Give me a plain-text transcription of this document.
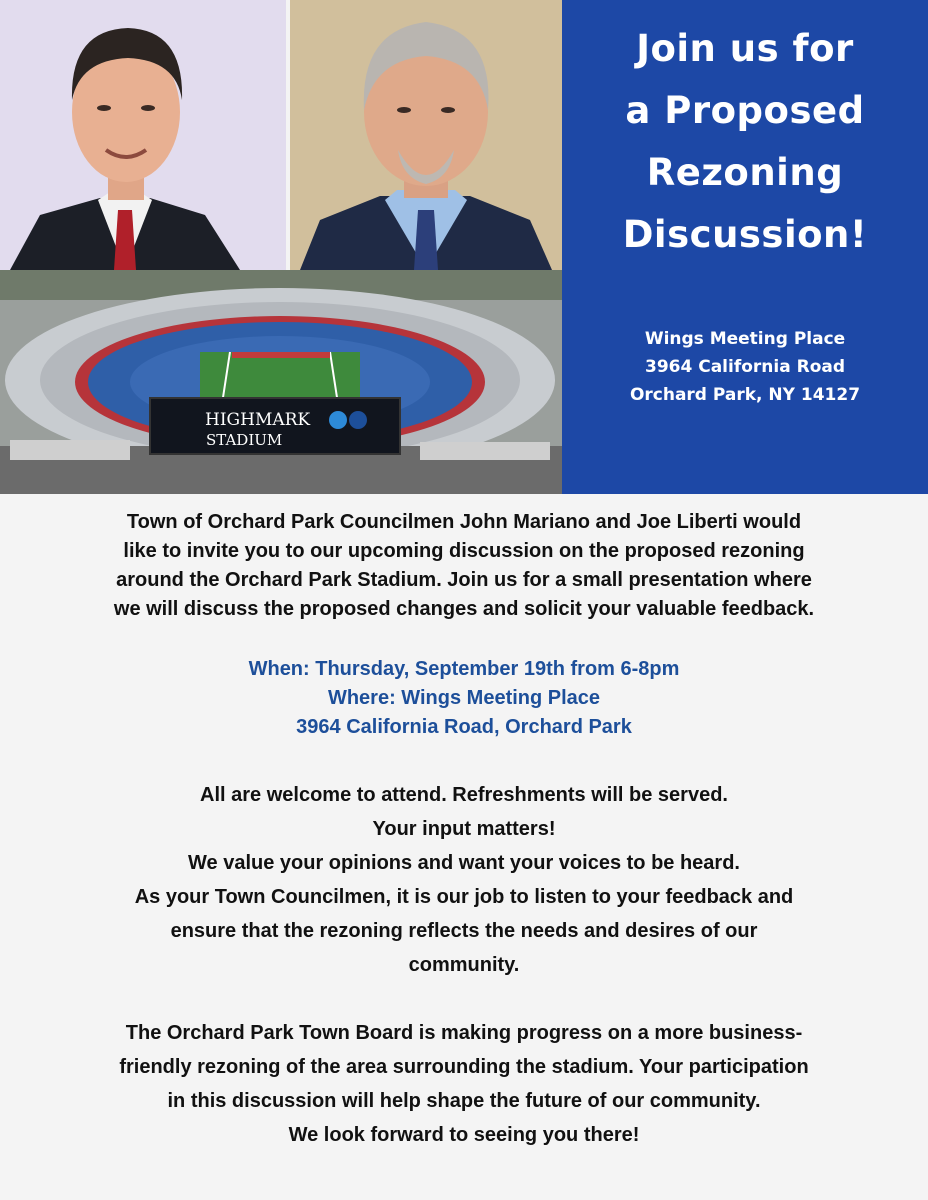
HIGHMARK
STADIUM
Join us for
a Proposed
Rezoning
Discussion!
Wings Meeting Place
3964 California Road
Orchard Park, NY 14127
Town of Orchard Park Councilmen John Mariano and Joe Liberti would
like to invite you to our upcoming discussion on the proposed rezoning
around the Orchard Park Stadium. Join us for a small presentation where
we will discuss the proposed changes and solicit your valuable feedback.
When: Thursday, September 19th from 6-8pm
Where: Wings Meeting Place
3964 California Road, Orchard Park
All are welcome to attend. Refreshments will be served.
Your input matters!
We value your opinions and want your voices to be heard.
As your Town Councilmen, it is our job to listen to your feedback and
ensure that the rezoning reflects the needs and desires of our
community.
The Orchard Park Town Board is making progress on a more business-
friendly rezoning of the area surrounding the stadium. Your participation
in this discussion will help shape the future of our community.
We look forward to seeing you there!
